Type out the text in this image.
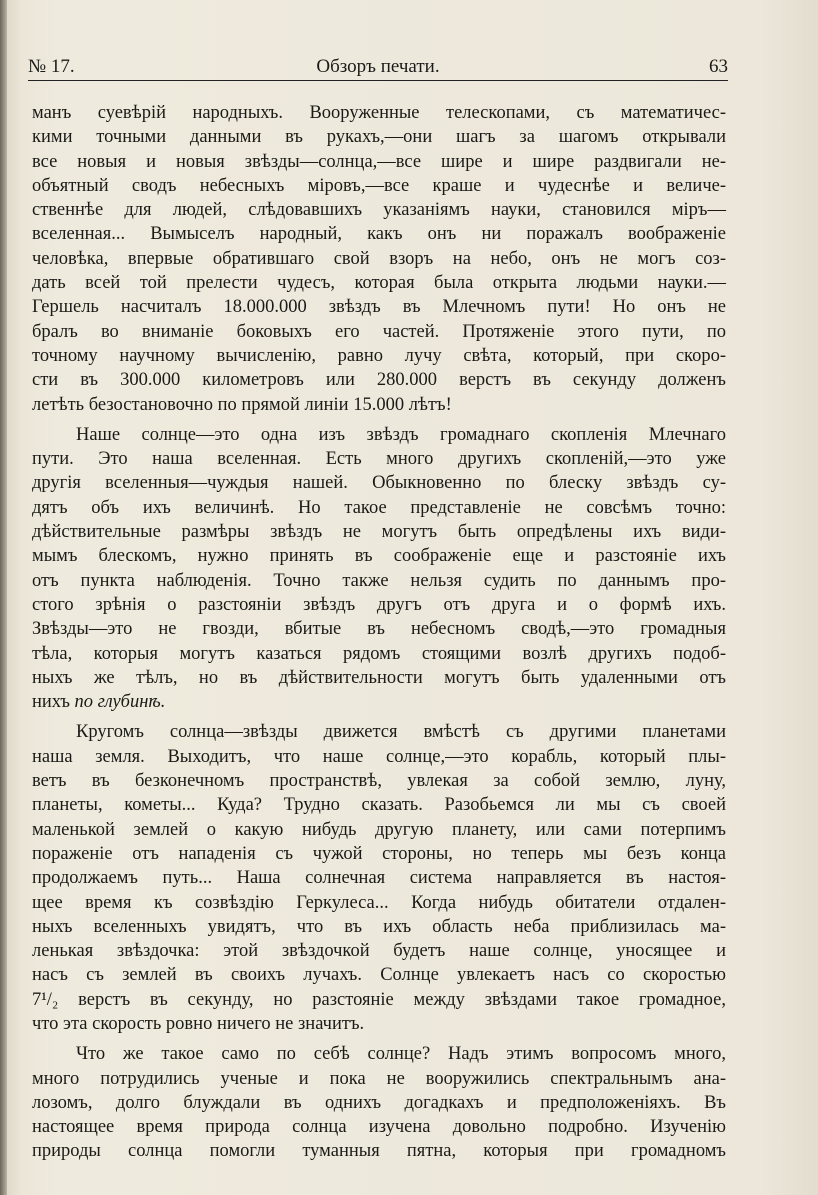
№ 17.	Обзоръ печати.	63
манъ суевѣрій народныхъ. Вооруженные телескопами, съ математичес-
кими точными данными въ рукахъ,—они шагъ за шагомъ открывали
все новыя и новыя звѣзды—солнца,—все шире и шире раздвигали не-
объятный сводъ небесныхъ міровъ,—все краше и чудеснѣе и величе-
ственнѣе для людей, слѣдовавшихъ указаніямъ науки, становился міръ—
вселенная... Вымыселъ народный, какъ онъ ни поражалъ воображеніе
человѣка, впервые обратившаго свой взоръ на небо, онъ не могъ соз-
дать всей той прелести чудесъ, которая была открыта людьми науки.—
Гершель насчиталъ 18.000.000 звѣздъ въ Млечномъ пути! Но онъ не
бралъ во вниманіе боковыхъ его частей. Протяженіе этого пути, по
точному научному вычисленію, равно лучу свѣта, который, при скоро-
сти въ 300.000 километровъ или 280.000 верстъ въ секунду долженъ
летѣть безостановочно по прямой линіи 15.000 лѣтъ!
Наше солнце—это одна изъ звѣздъ громаднаго скопленія Млечнаго
пути. Это наша вселенная. Есть много другихъ скопленій,—это уже
другія вселенныя—чуждыя нашей. Обыкновенно по блеску звѣздъ су-
дятъ объ ихъ величинѣ. Но такое представленіе не совсѣмъ точно:
дѣйствительные размѣры звѣздъ не могутъ быть опредѣлены ихъ види-
мымъ блескомъ, нужно принять въ соображеніе еще и разстояніе ихъ
отъ пункта наблюденія. Точно также нельзя судить по даннымъ про-
стого зрѣнія о разстояніи звѣздъ другъ отъ друга и о формѣ ихъ.
Звѣзды—это не гвозди, вбитые въ небесномъ сводѣ,—это громадныя
тѣла, которыя могутъ казаться рядомъ стоящими возлѣ другихъ подоб-
ныхъ же тѣлъ, но въ дѣйствительности могутъ быть удаленными отъ
нихъ по глубинѣ.
Кругомъ солнца—звѣзды движется вмѣстѣ съ другими планетами
наша земля. Выходитъ, что наше солнце,—это корабль, который плы-
ветъ въ безконечномъ пространствѣ, увлекая за собой землю, луну,
планеты, кометы... Куда? Трудно сказать. Разобьемся ли мы съ своей
маленькой землей о какую нибудь другую планету, или сами потерпимъ
пораженіе отъ нападенія съ чужой стороны, но теперь мы безъ конца
продолжаемъ путь... Наша солнечная система направляется въ настоя-
щее время къ созвѣздію Геркулеса... Когда нибудь обитатели отдален-
ныхъ вселенныхъ увидятъ, что въ ихъ область неба приблизилась ма-
ленькая звѣздочка: этой звѣздочкой будетъ наше солнце, уносящее и
насъ съ землей въ своихъ лучахъ. Солнце увлекаетъ насъ со скоростью
7¹/₂ верстъ въ секунду, но разстояніе между звѣздами такое громадное,
что эта скорость ровно ничего не значитъ.
Что же такое само по себѣ солнце? Надъ этимъ вопросомъ много,
много потрудились ученые и пока не вооружились спектральнымъ ана-
лозомъ, долго блуждали въ однихъ догадкахъ и предположеніяхъ. Въ
настоящее время природа солнца изучена довольно подробно. Изученію
природы солнца помогли туманныя пятна, которыя при громадномъ
